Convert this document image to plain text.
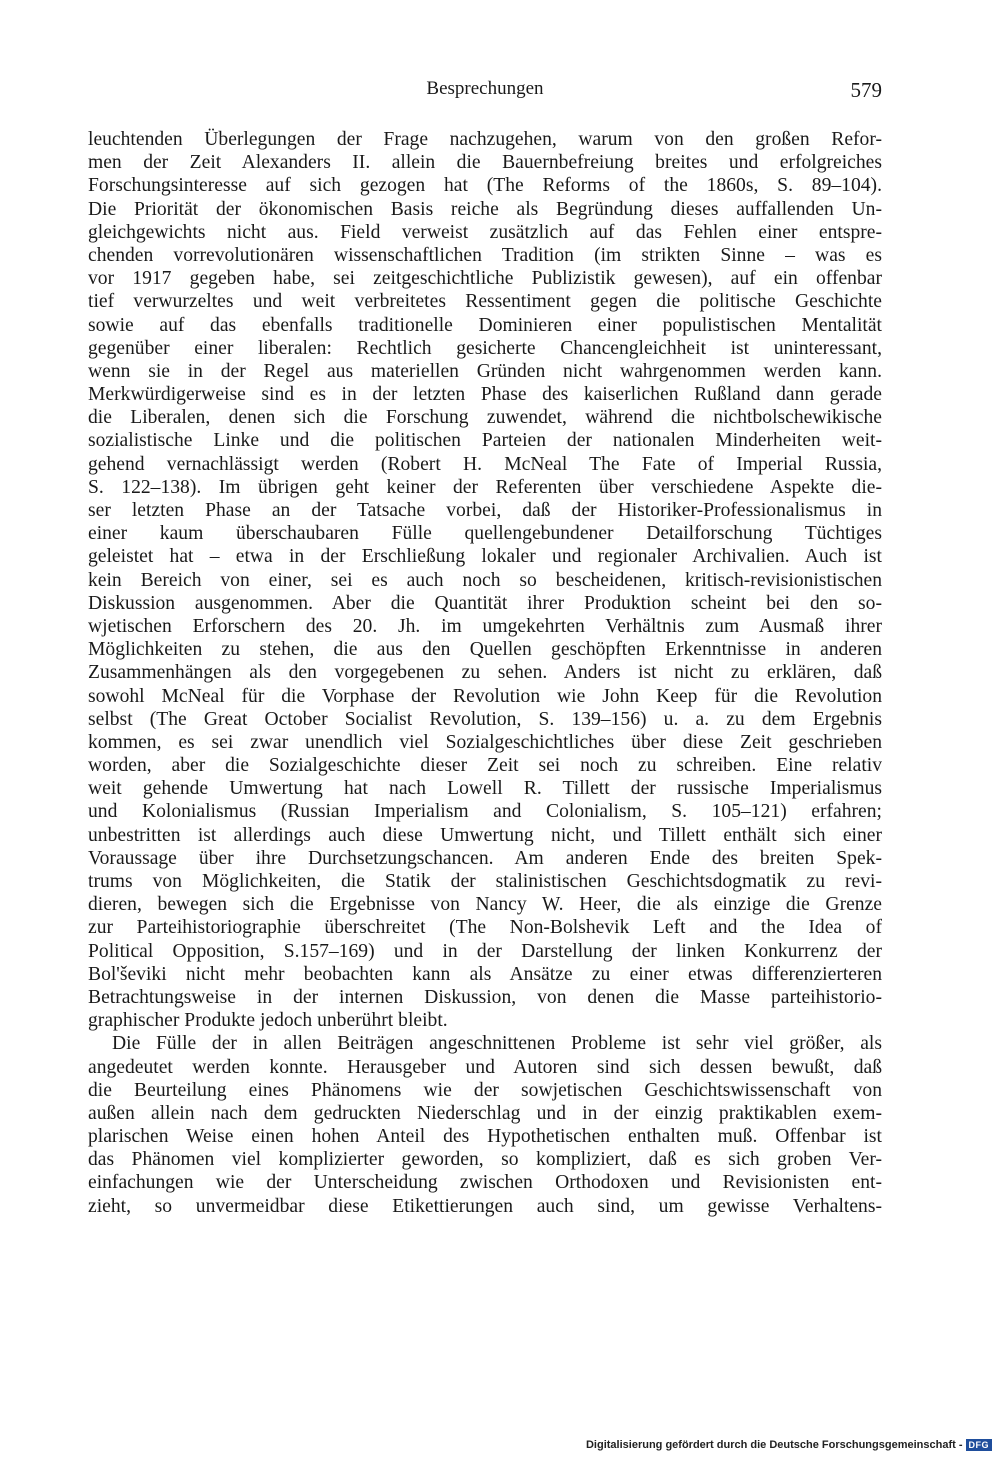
Besprechungen	579
leuchtenden Überlegungen der Frage nachzugehen, warum von den großen Refor-
men der Zeit Alexanders II. allein die Bauernbefreiung breites und erfolgreiches
Forschungsinteresse auf sich gezogen hat (The Reforms of the 1860s, S. 89–104).
Die Priorität der ökonomischen Basis reiche als Begründung dieses auffallenden Un-
gleichgewichts nicht aus. Field verweist zusätzlich auf das Fehlen einer entspre-
chenden vorrevolutionären wissenschaftlichen Tradition (im strikten Sinne – was es
vor 1917 gegeben habe, sei zeitgeschichtliche Publizistik gewesen), auf ein offenbar
tief verwurzeltes und weit verbreitetes Ressentiment gegen die politische Geschichte
sowie auf das ebenfalls traditionelle Dominieren einer populistischen Mentalität
gegenüber einer liberalen: Rechtlich gesicherte Chancengleichheit ist uninteressant,
wenn sie in der Regel aus materiellen Gründen nicht wahrgenommen werden kann.
Merkwürdigerweise sind es in der letzten Phase des kaiserlichen Rußland dann gerade
die Liberalen, denen sich die Forschung zuwendet, während die nichtbolschewikische
sozialistische Linke und die politischen Parteien der nationalen Minderheiten weit-
gehend vernachlässigt werden (Robert H. McNeal The Fate of Imperial Russia,
S. 122–138). Im übrigen geht keiner der Referenten über verschiedene Aspekte die-
ser letzten Phase an der Tatsache vorbei, daß der Historiker-Professionalismus in
einer kaum überschaubaren Fülle quellengebundener Detailforschung Tüchtiges
geleistet hat – etwa in der Erschließung lokaler und regionaler Archivalien. Auch ist
kein Bereich von einer, sei es auch noch so bescheidenen, kritisch-revisionistischen
Diskussion ausgenommen. Aber die Quantität ihrer Produktion scheint bei den so-
wjetischen Erforschern des 20. Jh. im umgekehrten Verhältnis zum Ausmaß ihrer
Möglichkeiten zu stehen, die aus den Quellen geschöpften Erkenntnisse in anderen
Zusammenhängen als den vorgegebenen zu sehen. Anders ist nicht zu erklären, daß
sowohl McNeal für die Vorphase der Revolution wie John Keep für die Revolution
selbst (The Great October Socialist Revolution, S. 139–156) u. a. zu dem Ergebnis
kommen, es sei zwar unendlich viel Sozialgeschichtliches über diese Zeit geschrieben
worden, aber die Sozialgeschichte dieser Zeit sei noch zu schreiben. Eine relativ
weit gehende Umwertung hat nach Lowell R. Tillett der russische Imperialismus
und Kolonialismus (Russian Imperialism and Colonialism, S. 105–121) erfahren;
unbestritten ist allerdings auch diese Umwertung nicht, und Tillett enthält sich einer
Voraussage über ihre Durchsetzungschancen. Am anderen Ende des breiten Spek-
trums von Möglichkeiten, die Statik der stalinistischen Geschichtsdogmatik zu revi-
dieren, bewegen sich die Ergebnisse von Nancy W. Heer, die als einzige die Grenze
zur Parteihistoriographie überschreitet (The Non-Bolshevik Left and the Idea of
Political Opposition, S.157–169) und in der Darstellung der linken Konkurrenz der
Bol'ševiki nicht mehr beobachten kann als Ansätze zu einer etwas differenzierteren
Betrachtungsweise in der internen Diskussion, von denen die Masse parteihistorio-
graphischer Produkte jedoch unberührt bleibt.
Die Fülle der in allen Beiträgen angeschnittenen Probleme ist sehr viel größer, als
angedeutet werden konnte. Herausgeber und Autoren sind sich dessen bewußt, daß
die Beurteilung eines Phänomens wie der sowjetischen Geschichtswissenschaft von
außen allein nach dem gedruckten Niederschlag und in der einzig praktikablen exem-
plarischen Weise einen hohen Anteil des Hypothetischen enthalten muß. Offenbar ist
das Phänomen viel komplizierter geworden, so kompliziert, daß es sich groben Ver-
einfachungen wie der Unterscheidung zwischen Orthodoxen und Revisionisten ent-
zieht, so unvermeidbar diese Etikettierungen auch sind, um gewisse Verhaltens-
Digitalisierung gefördert durch die Deutsche Forschungsgemeinschaft - DFG
